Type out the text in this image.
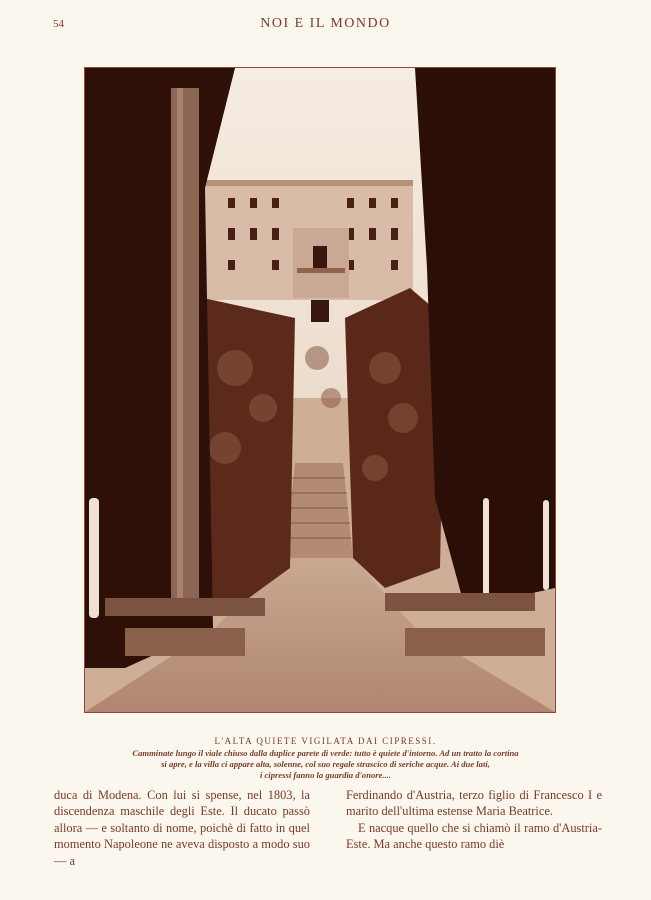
54	NOI E IL MONDO
L'ALTA QUIETE VIGILATA DAI CIPRESSI.
Camminate lungo il viale chiuso dalla duplice parete di verde: tutto è quiete d'intorno. Ad un tratto la cortina
si apre, e la villa ci appare alta, solenne, col suo regale strascico di seriche acque. Ai due lati,
i cipressi fanno la guardia d'onore....

duca di Modena. Con lui si spense, nel 1803, la discendenza maschile degli Este. Il ducato passò allora — e soltanto di nome, poichè di fatto in quel momento Napoleone ne aveva disposto a modo suo — a

Ferdinando d'Austria, terzo figlio di Francesco I e marito dell'ultima estense Maria Beatrice.

E nacque quello che si chiamò il ramo d'Austria-Este. Ma anche questo ramo diè
